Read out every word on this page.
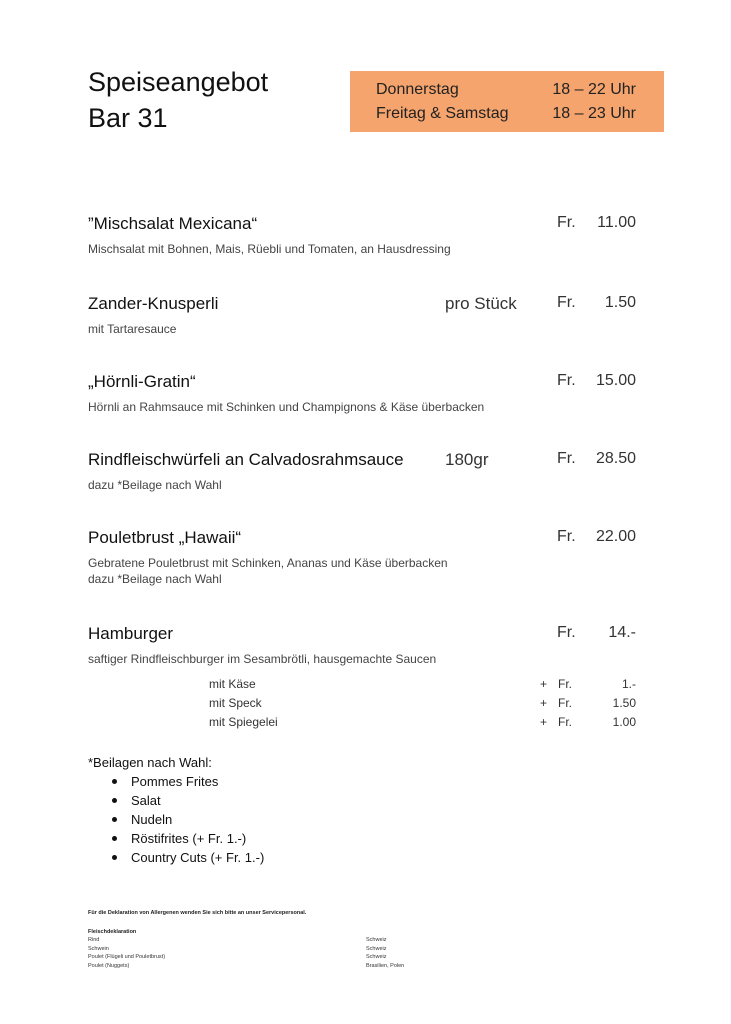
Speiseangebot
Bar 31
Donnerstag	18 – 22 Uhr
Freitag & Samstag	18 – 23 Uhr
”Mischsalat Mexicana“	Fr. 11.00
Mischsalat mit Bohnen, Mais, Rüebli und Tomaten, an Hausdressing
Zander-Knusperli	pro Stück	Fr. 1.50
mit Tartaresauce
„Hörnli-Gratin“	Fr. 15.00
Hörnli an Rahmsauce mit Schinken und Champignons & Käse überbacken
Rindfleischwürfeli an Calvadosrahmsauce 180gr	Fr. 28.50
dazu *Beilage nach Wahl
Pouletbrust „Hawaii“	Fr. 22.00
Gebratene Pouletbrust mit Schinken, Ananas und Käse überbacken
dazu *Beilage nach Wahl
Hamburger	Fr. 14.-
saftiger Rindfleischburger im Sesambrötli, hausgemachte Saucen
mit Käse	+ Fr.	1.-
mit Speck	+ Fr.	1.50
mit Spiegelei	+ Fr.	1.00
*Beilagen nach Wahl:
Pommes Frites
Salat
Nudeln
Röstifrites (+ Fr. 1.-)
Country Cuts (+ Fr. 1.-)
Für die Deklaration von Allergenen wenden Sie sich bitte an unser Servicepersonal.
Fleischdeklaration
Rind	Schweiz
Schwein	Schweiz
Poulet (Flügeli und Pouletbrust)	Schweiz
Poulet (Nuggets)	Brasilien, Polen
